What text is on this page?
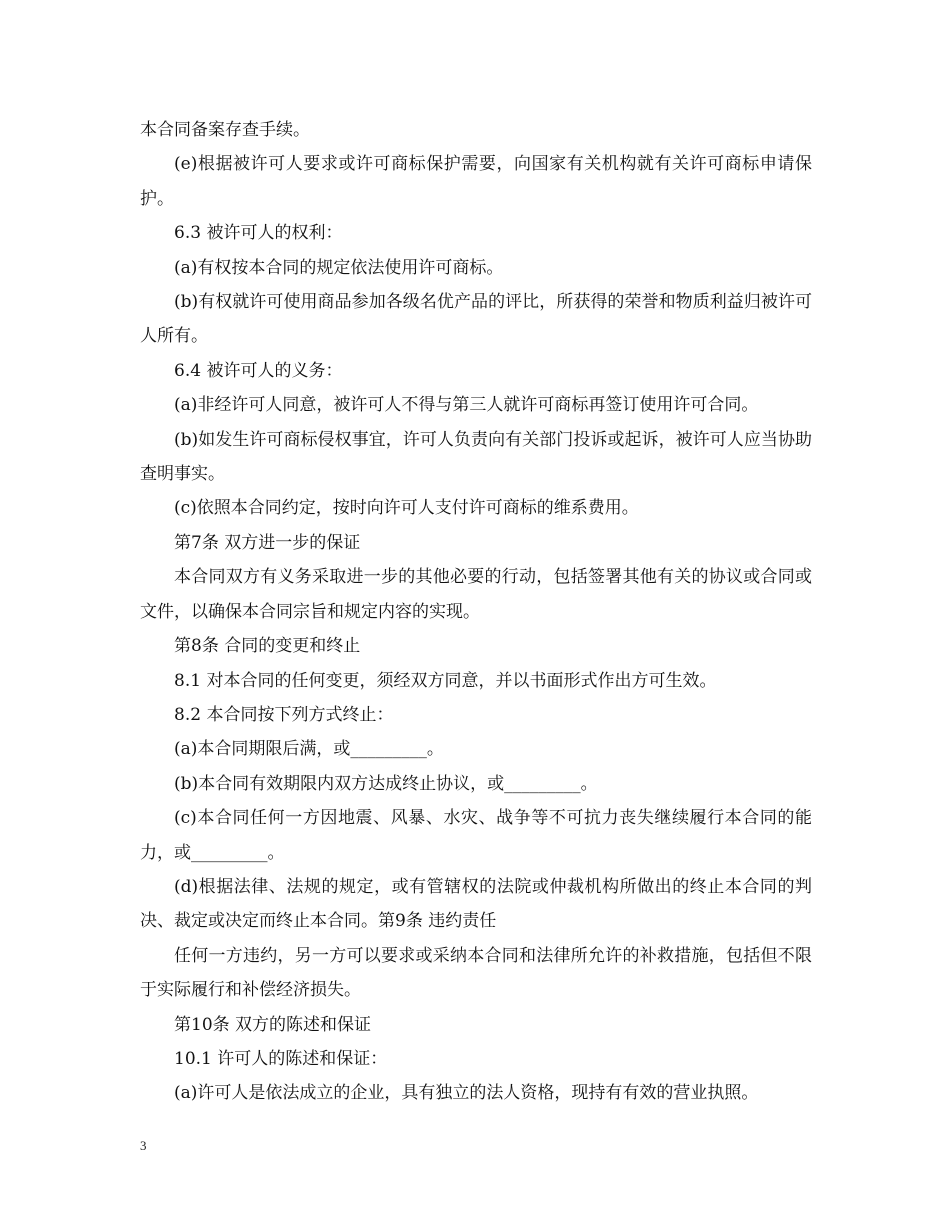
本合同备案存查手续。

(e)根据被许可人要求或许可商标保护需要，向国家有关机构就有关许可商标申请保护。

6.3 被许可人的权利：

(a)有权按本合同的规定依法使用许可商标。

(b)有权就许可使用商品参加各级名优产品的评比，所获得的荣誉和物质利益归被许可人所有。

6.4 被许可人的义务：

(a)非经许可人同意，被许可人不得与第三人就许可商标再签订使用许可合同。

(b)如发生许可商标侵权事宜，许可人负责向有关部门投诉或起诉，被许可人应当协助查明事实。

(c)依照本合同约定，按时向许可人支付许可商标的维系费用。

第7条 双方进一步的保证

本合同双方有义务采取进一步的其他必要的行动，包括签署其他有关的协议或合同或文件，以确保本合同宗旨和规定内容的实现。

第8条 合同的变更和终止

8.1 对本合同的任何变更，须经双方同意，并以书面形式作出方可生效。

8.2 本合同按下列方式终止：

(a)本合同期限后满，或_________。

(b)本合同有效期限内双方达成终止协议，或_________。

(c)本合同任何一方因地震、风暴、水灾、战争等不可抗力丧失继续履行本合同的能力，或_________。

(d)根据法律、法规的规定，或有管辖权的法院或仲裁机构所做出的终止本合同的判决、裁定或决定而终止本合同。第9条 违约责任

任何一方违约，另一方可以要求或采纳本合同和法律所允许的补救措施，包括但不限于实际履行和补偿经济损失。

第10条 双方的陈述和保证

10.1 许可人的陈述和保证：

(a)许可人是依法成立的企业，具有独立的法人资格，现持有有效的营业执照。

3
